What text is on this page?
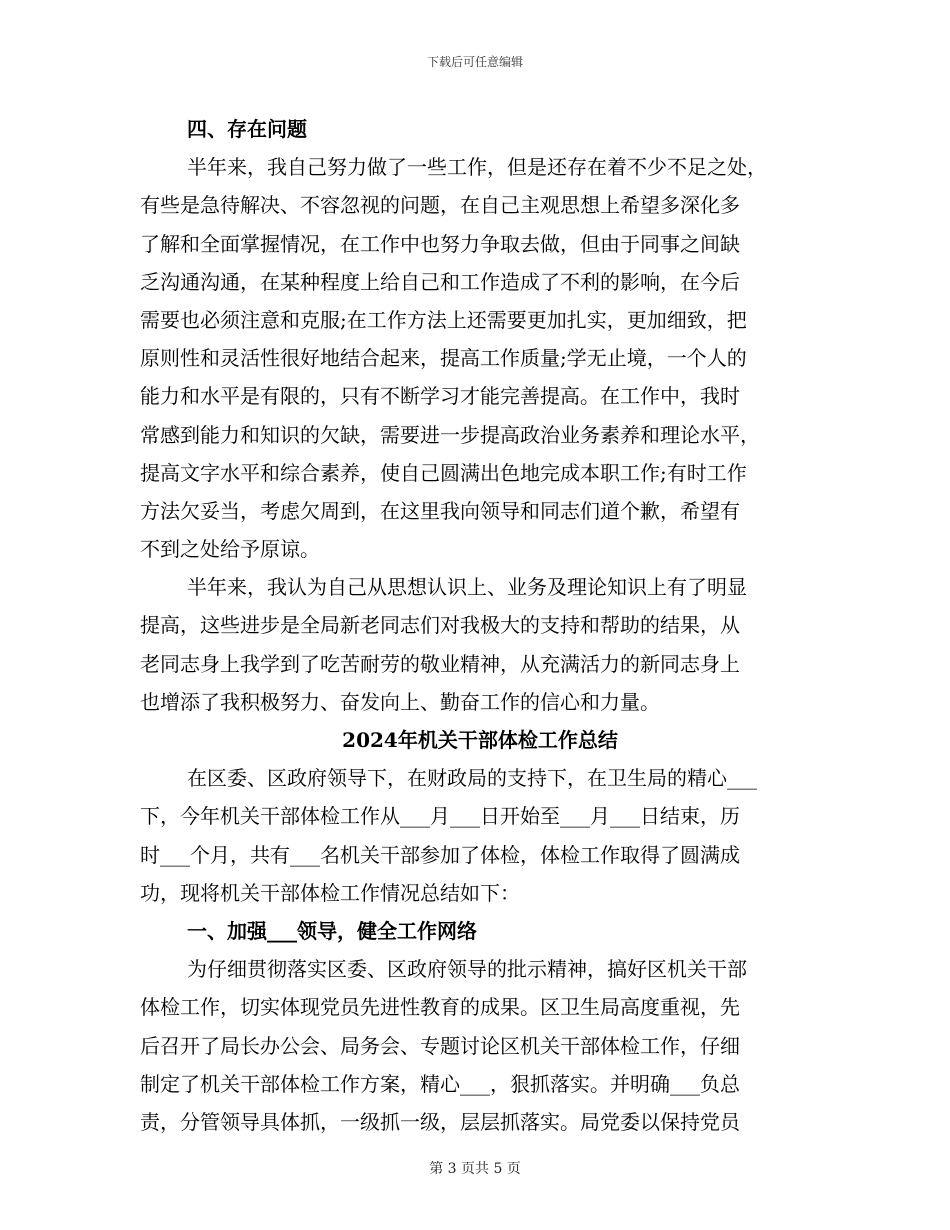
下载后可任意编辑
四、存在问题
半年来，我自己努力做了一些工作，但是还存在着不少不足之处，
有些是急待解决、不容忽视的问题，在自己主观思想上希望多深化多
了解和全面掌握情况，在工作中也努力争取去做，但由于同事之间缺
乏沟通沟通，在某种程度上给自己和工作造成了不利的影响，在今后
需要也必须注意和克服;在工作方法上还需要更加扎实，更加细致，把
原则性和灵活性很好地结合起来，提高工作质量;学无止境，一个人的
能力和水平是有限的，只有不断学习才能完善提高。在工作中，我时
常感到能力和知识的欠缺，需要进一步提高政治业务素养和理论水平，
提高文字水平和综合素养，使自己圆满出色地完成本职工作;有时工作
方法欠妥当，考虑欠周到，在这里我向领导和同志们道个歉，希望有
不到之处给予原谅。
半年来，我认为自己从思想认识上、业务及理论知识上有了明显
提高，这些进步是全局新老同志们对我极大的支持和帮助的结果，从
老同志身上我学到了吃苦耐劳的敬业精神，从充满活力的新同志身上
也增添了我积极努力、奋发向上、勤奋工作的信心和力量。
2024年机关干部体检工作总结
在区委、区政府领导下，在财政局的支持下，在卫生局的精心___
下，今年机关干部体检工作从___月___日开始至___月___日结束，历
时___个月，共有___名机关干部参加了体检，体检工作取得了圆满成
功，现将机关干部体检工作情况总结如下：
一、加强___领导，健全工作网络
为仔细贯彻落实区委、区政府领导的批示精神，搞好区机关干部
体检工作，切实体现党员先进性教育的成果。区卫生局高度重视，先
后召开了局长办公会、局务会、专题讨论区机关干部体检工作，仔细
制定了机关干部体检工作方案，精心___，狠抓落实。并明确___负总
责，分管领导具体抓，一级抓一级，层层抓落实。局党委以保持党员
第 3 页共 5 页
